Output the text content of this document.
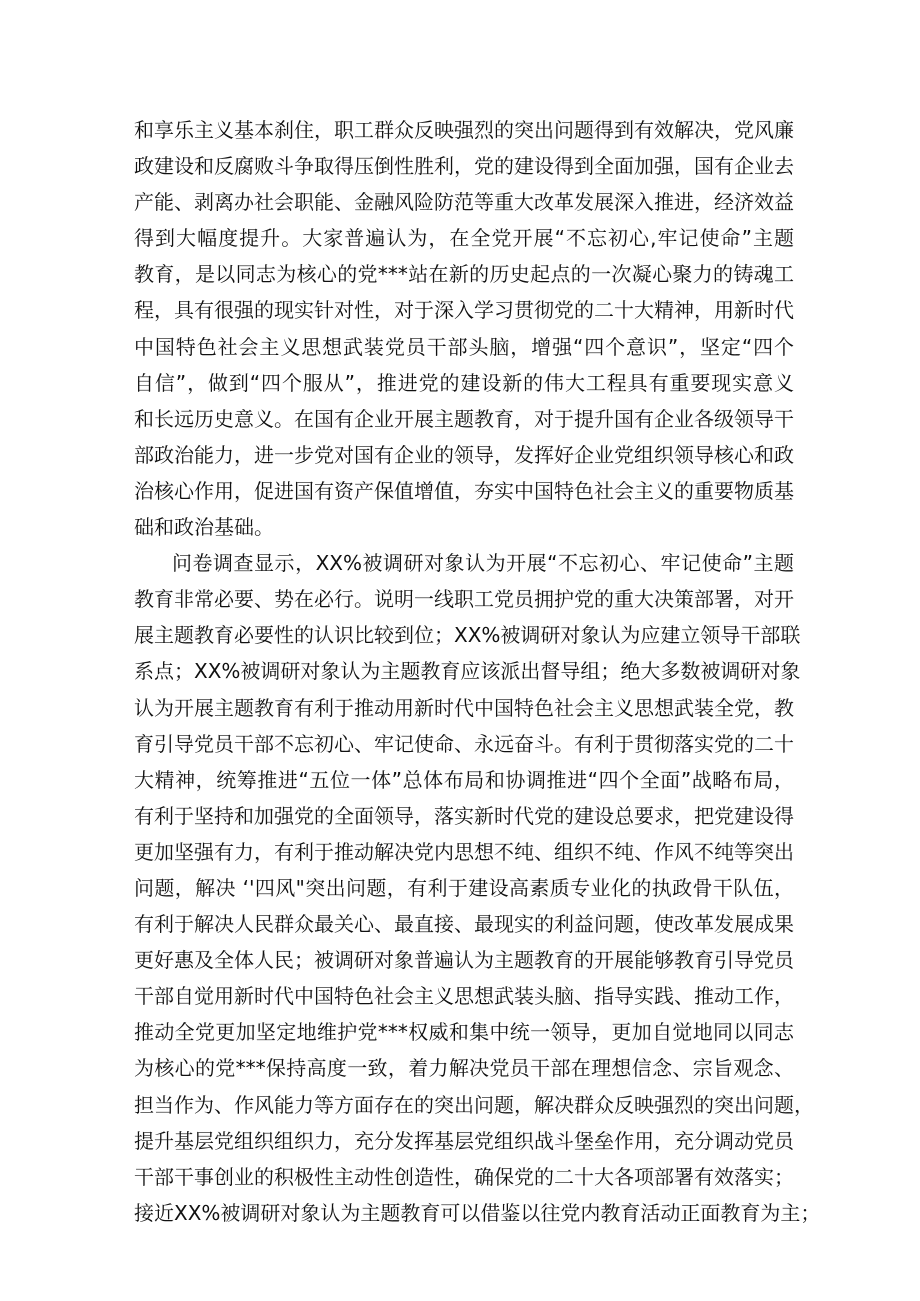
和享乐主义基本刹住，职工群众反映强烈的突出问题得到有效解决，党风廉
政建设和反腐败斗争取得压倒性胜利，党的建设得到全面加强，国有企业去
产能、剥离办社会职能、金融风险防范等重大改革发展深入推进，经济效益
得到大幅度提升。大家普遍认为，在全党开展“不忘初心,牢记使命”主题
教育，是以同志为核心的党***站在新的历史起点的一次凝心聚力的铸魂工
程，具有很强的现实针对性，对于深入学习贯彻党的二十大精神，用新时代
中国特色社会主义思想武装党员干部头脑，增强“四个意识”，坚定“四个
自信”，做到“四个服从”，推进党的建设新的伟大工程具有重要现实意义
和长远历史意义。在国有企业开展主题教育，对于提升国有企业各级领导干
部政治能力，进一步党对国有企业的领导，发挥好企业党组织领导核心和政
治核心作用，促进国有资产保值增值，夯实中国特色社会主义的重要物质基
础和政治基础。
问卷调查显示，XX%被调研对象认为开展“不忘初心、牢记使命”主题
教育非常必要、势在必行。说明一线职工党员拥护党的重大决策部署，对开
展主题教育必要性的认识比较到位；XX%被调研对象认为应建立领导干部联
系点；XX%被调研对象认为主题教育应该派出督导组；绝大多数被调研对象
认为开展主题教育有利于推动用新时代中国特色社会主义思想武装全党，教
育引导党员干部不忘初心、牢记使命、永远奋斗。有利于贯彻落实党的二十
大精神，统筹推进“五位一体”总体布局和协调推进“四个全面”战略布局，
有利于坚持和加强党的全面领导，落实新时代党的建设总要求，把党建设得
更加坚强有力，有利于推动解决党内思想不纯、组织不纯、作风不纯等突出
问题，解决 ‘'四风"突出问题，有利于建设高素质专业化的执政骨干队伍，
有利于解决人民群众最关心、最直接、最现实的利益问题，使改革发展成果
更好惠及全体人民；被调研对象普遍认为主题教育的开展能够教育引导党员
干部自觉用新时代中国特色社会主义思想武装头脑、指导实践、推动工作，
推动全党更加坚定地维护党***权威和集中统一领导，更加自觉地同以同志
为核心的党***保持高度一致，着力解决党员干部在理想信念、宗旨观念、
担当作为、作风能力等方面存在的突出问题，解决群众反映强烈的突出问题，
提升基层党组织组织力，充分发挥基层党组织战斗堡垒作用，充分调动党员
干部干事创业的积极性主动性创造性，确保党的二十大各项部署有效落实；
接近XX%被调研对象认为主题教育可以借鉴以往党内教育活动正面教育为主；
